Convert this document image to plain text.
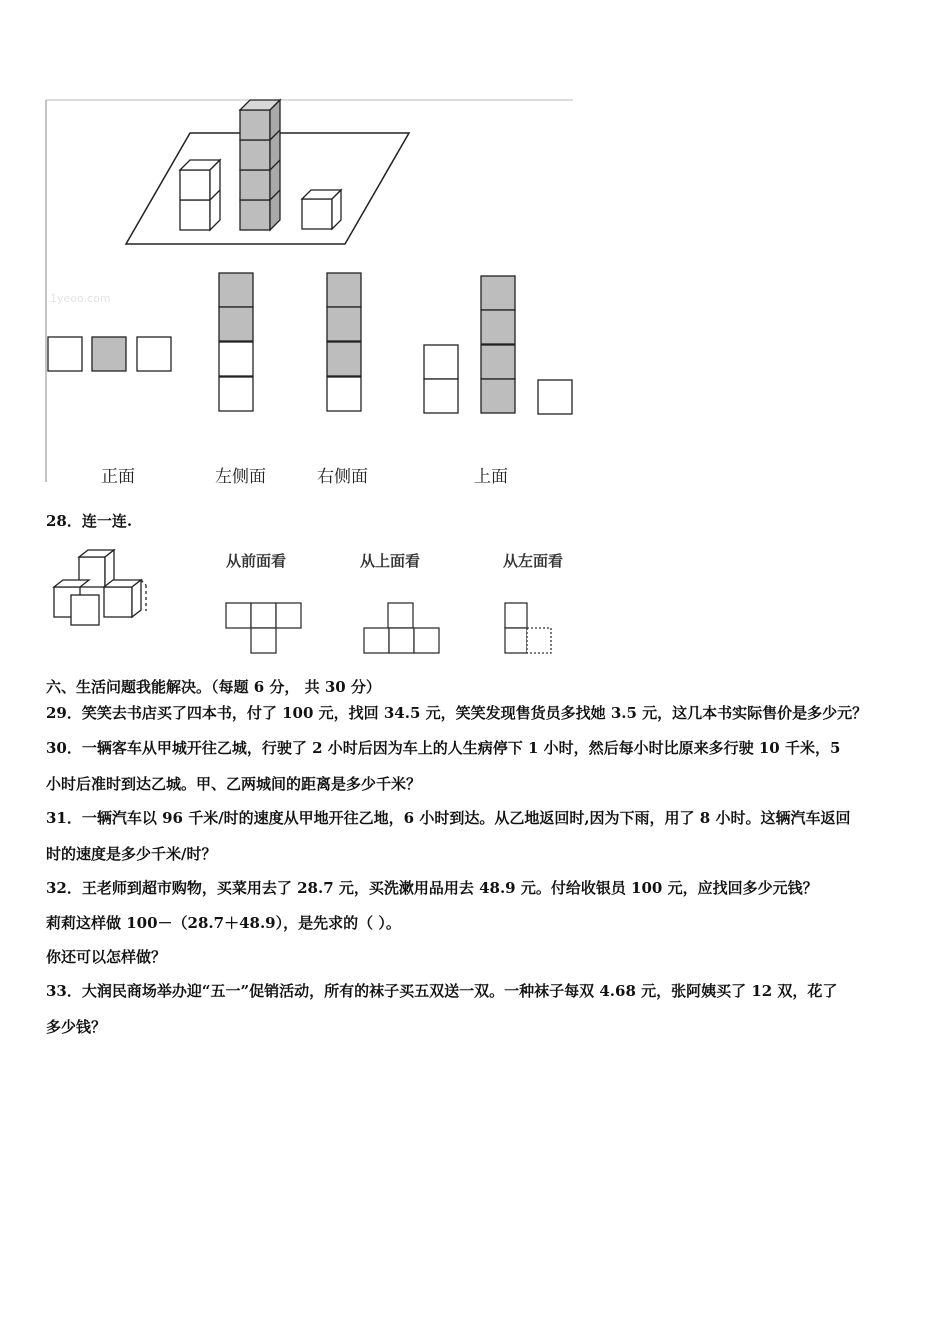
1yeoo.com
正面	左侧面	右侧面	上面
28．连一连.
从前面看	从上面看	从左面看
六、生活问题我能解决。（每题 6 分， 共 30 分）
29．笑笑去书店买了四本书，付了 100 元，找回 34.5 元，笑笑发现售货员多找她 3.5 元，这几本书实际售价是多少元？
30．一辆客车从甲城开往乙城，行驶了 2 小时后因为车上的人生病停下 1 小时，然后每小时比原来多行驶 10 千米，5
小时后准时到达乙城。甲、乙两城间的距离是多少千米？
31．一辆汽车以 96 千米/时的速度从甲地开往乙地，6 小时到达。从乙地返回时,因为下雨，用了 8 小时。这辆汽车返回
时的速度是多少千米/时？
32．王老师到超市购物，买菜用去了 28.7 元，买洗漱用品用去 48.9 元。付给收银员 100 元，应找回多少元钱？
莉莉这样做 100－（28.7＋48.9），是先求的（ ）。
你还可以怎样做？
33．大润民商场举办迎“五一”促销活动，所有的袜子买五双送一双。一种袜子每双 4.68 元，张阿姨买了 12 双，花了
多少钱？
